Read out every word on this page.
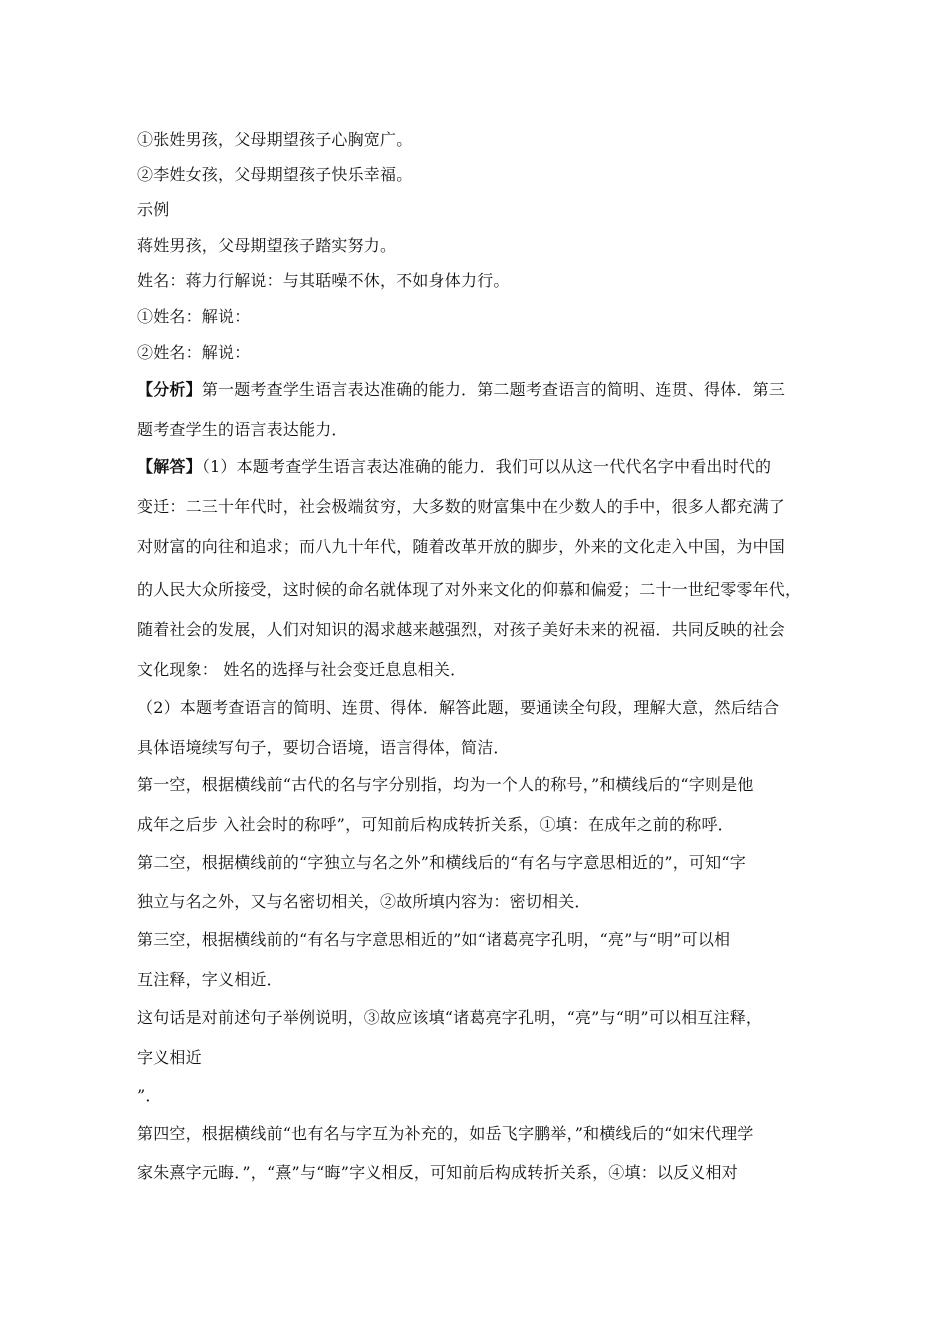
①张姓男孩，父母期望孩子心胸宽广。
②李姓女孩，父母期望孩子快乐幸福。
示例
蒋姓男孩，父母期望孩子踏实努力。
姓名：蒋力行解说：与其聒噪不休，不如身体力行。
①姓名：解说：
②姓名：解说：
【分析】第一题考查学生语言表达准确的能力．第二题考查语言的简明、连贯、得体．第三
题考查学生的语言表达能力．
【解答】（1）本题考查学生语言表达准确的能力．我们可以从这一代代名字中看出时代的
变迁：二三十年代时，社会极端贫穷，大多数的财富集中在少数人的手中，很多人都充满了
对财富的向往和追求；而八九十年代，随着改革开放的脚步，外来的文化走入中国，为中国
的人民大众所接受，这时候的命名就体现了对外来文化的仰慕和偏爱；二十一世纪零零年代，
随着社会的发展，人们对知识的渴求越来越强烈，对孩子美好未来的祝福．共同反映的社会
文化现象： 姓名的选择与社会变迁息息相关．
（2）本题考查语言的简明、连贯、得体．解答此题，要通读全句段，理解大意，然后结合
具体语境续写句子，要切合语境，语言得体，简洁．
第一空，根据横线前“古代的名与字分别指，均为一个人的称号，”和横线后的“字则是他
成年之后步 入社会时的称呼”，可知前后构成转折关系，①填：在成年之前的称呼．
第二空，根据横线前的“字独立与名之外”和横线后的“有名与字意思相近的”，可知“字
独立与名之外，又与名密切相关，②故所填内容为：密切相关．
第三空，根据横线前的“有名与字意思相近的”如“诸葛亮字孔明，“亮”与“明”可以相
互注释，字义相近．
这句话是对前述句子举例说明，③故应该填“诸葛亮字孔明，“亮”与“明”可以相互注释，
字义相近
”．
第四空，根据横线前“也有名与字互为补充的，如岳飞字鹏举，”和横线后的“如宋代理学
家朱熹字元晦．”，“熹”与“晦”字义相反，可知前后构成转折关系，④填：以反义相对
